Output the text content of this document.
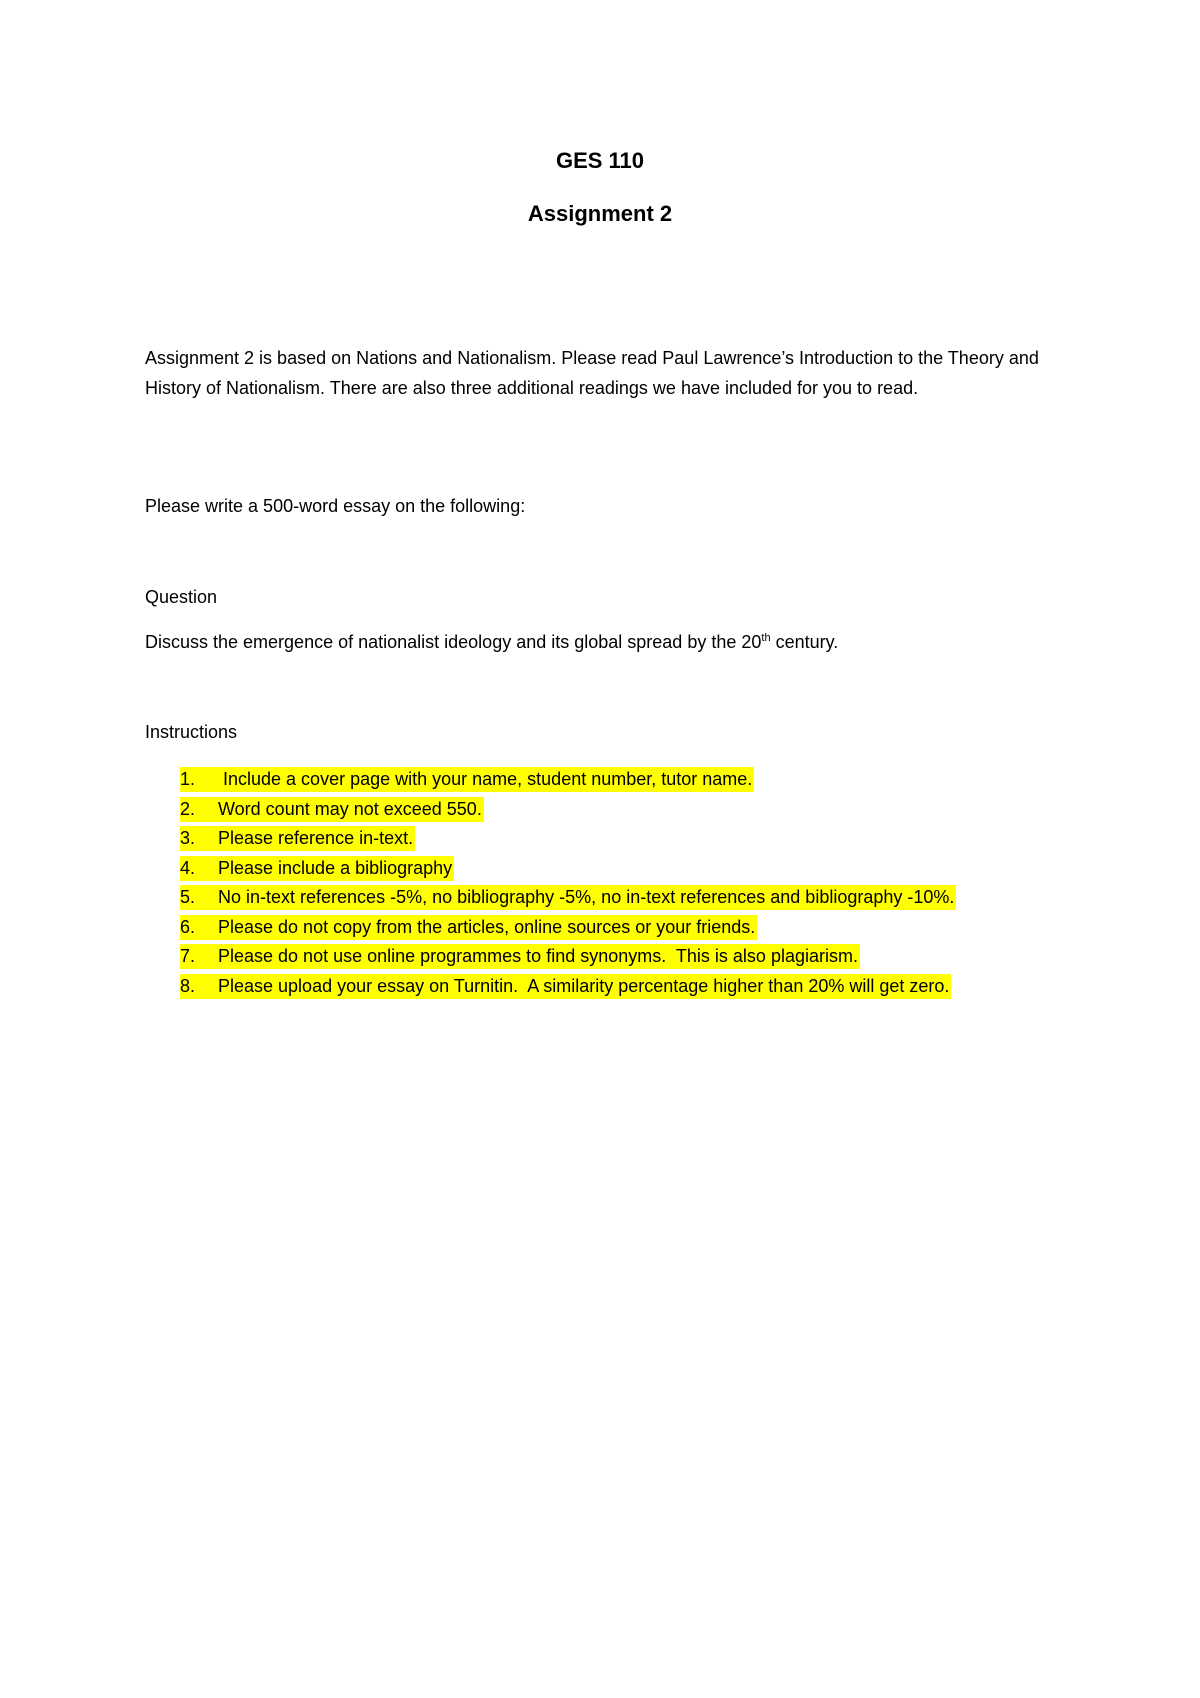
GES 110
Assignment 2

Assignment 2 is based on Nations and Nationalism. Please read Paul Lawrence’s Introduction to the Theory and History of Nationalism. There are also three additional readings we have included for you to read.

Please write a 500-word essay on the following:

Question

Discuss the emergence of nationalist ideology and its global spread by the 20th century.

Instructions

1.	Include a cover page with your name, student number, tutor name.
2.	Word count may not exceed 550.
3.	Please reference in-text.
4.	Please include a bibliography
5.	No in-text references -5%, no bibliography -5%, no in-text references and bibliography -10%.
6.	Please do not copy from the articles, online sources or your friends.
7.	Please do not use online programmes to find synonyms.  This is also plagiarism.
8.	Please upload your essay on Turnitin.  A similarity percentage higher than 20% will get zero.
